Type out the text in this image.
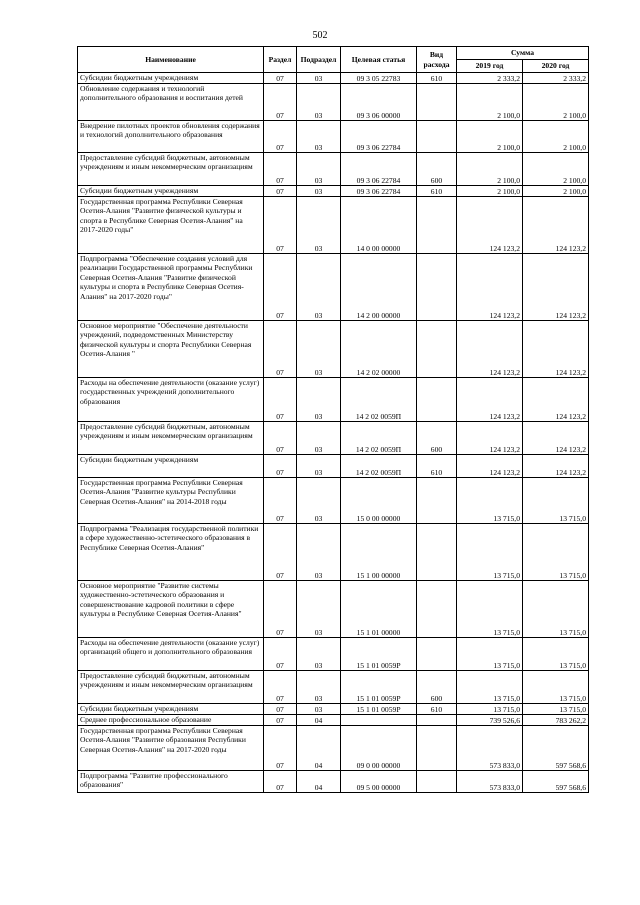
502
Наименование	Раздел	Подраздел	Целевая статья	Вид расхода	Сумма	
					2019 год	2020 год
Субсидии бюджетным учреждениям	07	03	09 3 05 22783	610	2 333,2	2 333,2
Обновление содержания и технологий дополнительного образования и воспитания детей	07	03	09 3 06 00000		2 100,0	2 100,0
Внедрение пилотных проектов обновления содержания и технологий дополнительного образования	07	03	09 3 06 22784		2 100,0	2 100,0
Предоставление субсидий бюджетным, автономным учреждениям и иным некоммерческим организациям	07	03	09 3 06 22784	600	2 100,0	2 100,0
Субсидии бюджетным учреждениям	07	03	09 3 06 22784	610	2 100,0	2 100,0
Государственная программа Республики Северная Осетия-Алания "Развитие физической культуры и спорта в Республике Северная Осетия-Алания" на 2017-2020 годы"	07	03	14 0 00 00000		124 123,2	124 123,2
Подпрограмма "Обеспечение создания условий для реализации Государственной программы Республики Северная Осетия-Алания "Развитие физической культуры и спорта в Республике Северная Осетия-Алания" на 2017-2020 годы"	07	03	14 2 00 00000		124 123,2	124 123,2
Основное мероприятие "Обеспечение деятельности учреждений, подведомственных Министерству физической культуры и спорта Республики Северная Осетия-Алания "	07	03	14 2 02 00000		124 123,2	124 123,2
Расходы на обеспечение деятельности (оказание услуг) государственных учреждений дополнительного образования	07	03	14 2 02 0059П		124 123,2	124 123,2
Предоставление субсидий бюджетным, автономным учреждениям и иным некоммерческим организациям	07	03	14 2 02 0059П	600	124 123,2	124 123,2
Субсидии бюджетным учреждениям	07	03	14 2 02 0059П	610	124 123,2	124 123,2
Государственная программа Республики Северная Осетия-Алания "Развитие культуры Республики Северная Осетия-Алания" на 2014-2018 годы	07	03	15 0 00 00000		13 715,0	13 715,0
Подпрограмма "Реализация государственной политики в сфере художественно-эстетического образования в Республике Северная Осетия-Алания"	07	03	15 1 00 00000		13 715,0	13 715,0
Основное мероприятие "Развитие системы художественно-эстетического образования и совершенствование кадровой политики в сфере культуры в Республике Северная Осетия-Алания"	07	03	15 1 01 00000		13 715,0	13 715,0
Расходы на обеспечение деятельности (оказание услуг) организаций общего и дополнительного образования	07	03	15 1 01 0059Р		13 715,0	13 715,0
Предоставление субсидий бюджетным, автономным учреждениям и иным некоммерческим организациям	07	03	15 1 01 0059Р	600	13 715,0	13 715,0
Субсидии бюджетным учреждениям	07	03	15 1 01 0059Р	610	13 715,0	13 715,0
Среднее профессиональное образование	07	04			739 526,6	783 262,2
Государственная программа Республики Северная Осетия-Алания "Развитие образования Республики Северная Осетия-Алания" на 2017-2020 годы	07	04	09 0 00 00000		573 833,0	597 568,6
Подпрограмма "Развитие профессионального образования"	07	04	09 5 00 00000		573 833,0	597 568,6
